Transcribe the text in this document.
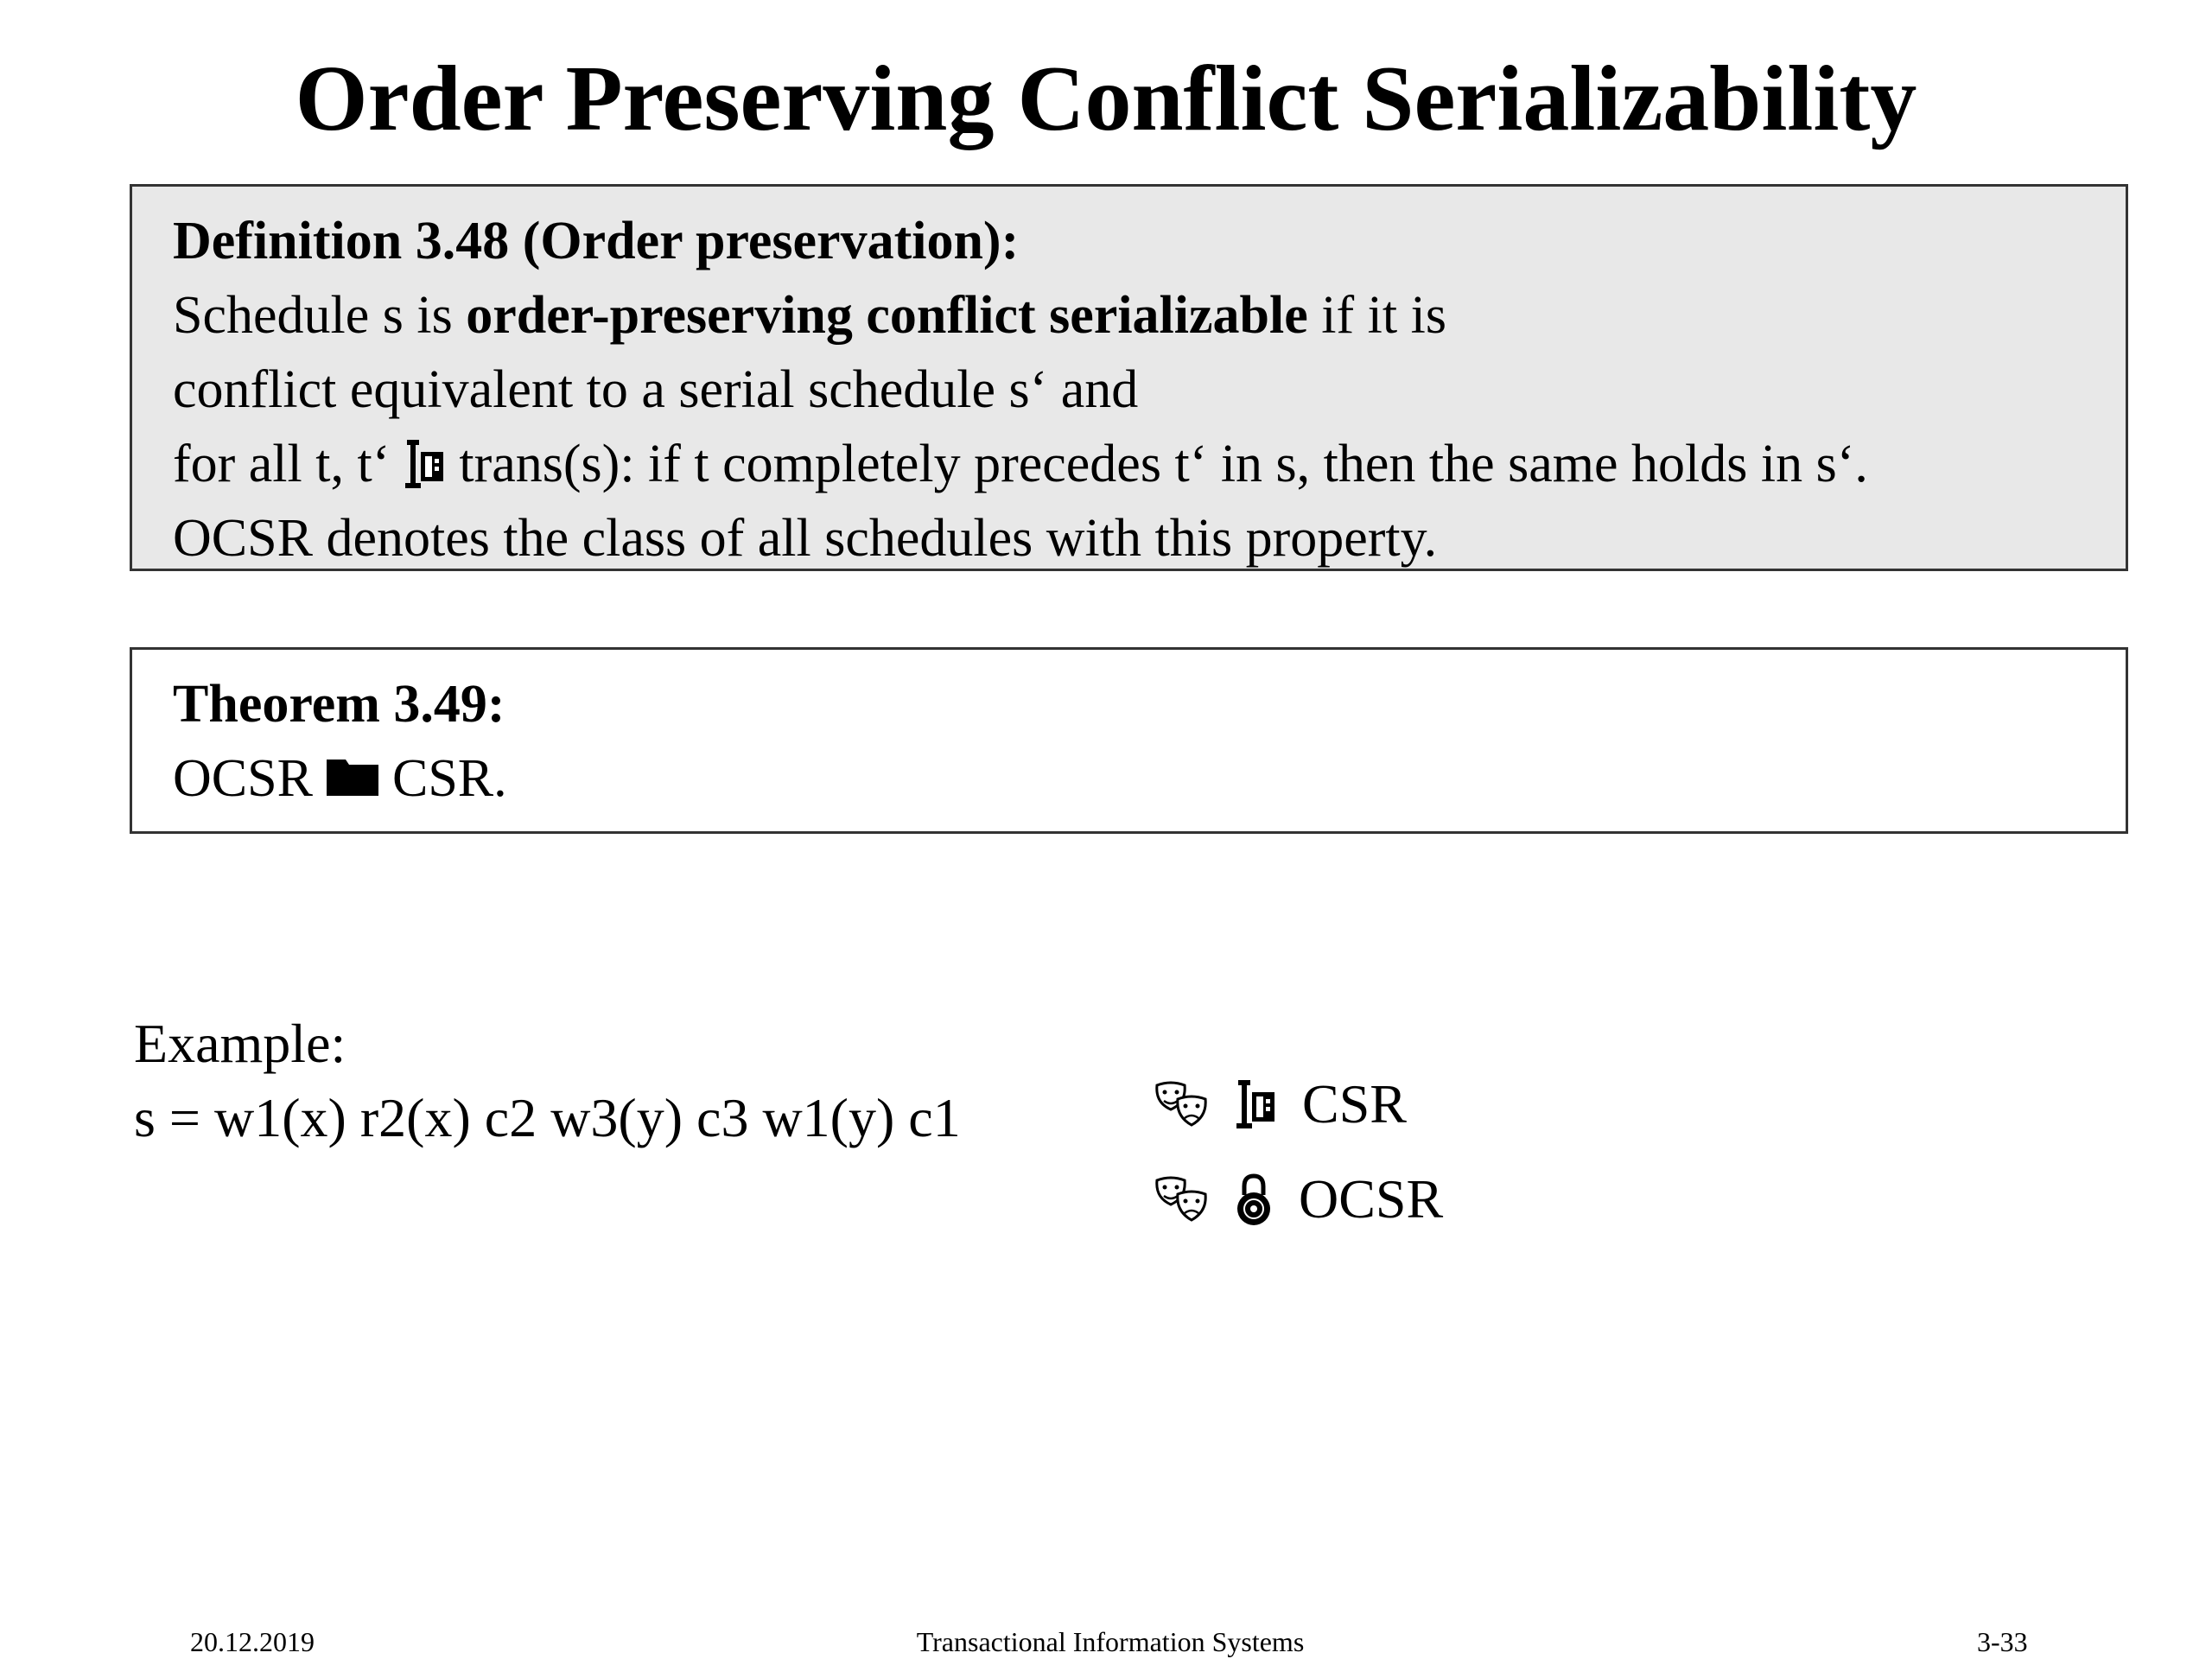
Order Preserving Conflict Serializability
Definition 3.48 (Order preservation):
Schedule s is order-preserving conflict serializable if it is
conflict equivalent to a serial schedule s‘ and
for all t, t‘ trans(s): if t completely precedes t‘ in s, then the same holds in s‘.
OCSR denotes the class of all schedules with this property.
Theorem 3.49:
OCSR CSR.
Example:
s = w1(x) r2(x) c2 w3(y) c3 w1(y) c1	CSR
OCSR
20.12.2019	Transactional Information Systems	3-33
